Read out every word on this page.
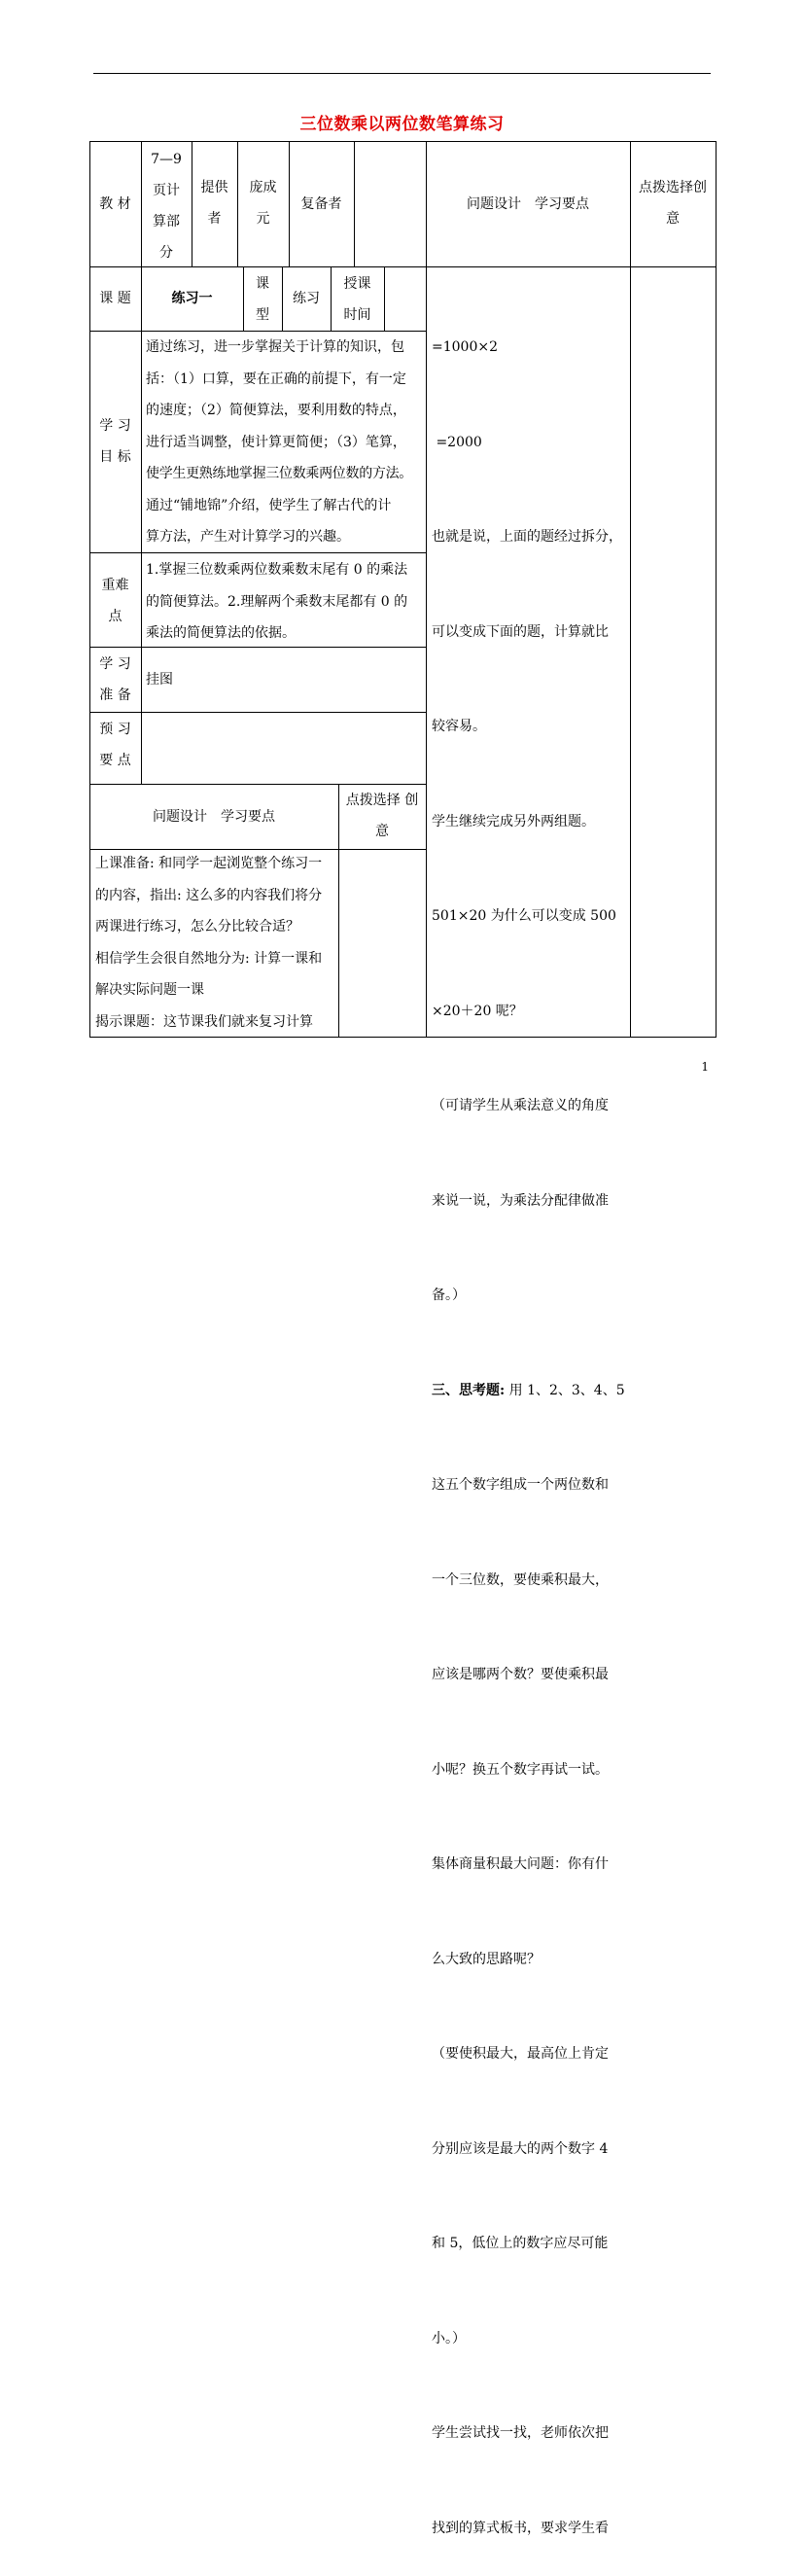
三位数乘以两位数笔算练习
教 材
7—9
页计
算部
分
提供
者
庞成
元
复备者	问题设计　学习要点
点拨选择创
意
课 题	练习一
课
型
练习
授课
时间
学 习
目 标
通过练习，进一步掌握关于计算的知识，包
括：（1）口算，要在正确的前提下，有一定
的速度；（2）简便算法，要利用数的特点，
进行适当调整，使计算更简便；（3）笔算，
使学生更熟练地掌握三位数乘两位数的方法。
通过“铺地锦”介绍，使学生了解古代的计
算方法，产生对计算学习的兴趣。
重难
点
1.掌握三位数乘两位数乘数末尾有 0 的乘法
的简便算法。2.理解两个乘数末尾都有 0 的
乘法的简便算法的依据。
学 习
准 备
挂图
预 习
要 点
问题设计　学习要点
点拨选择 创
意
上课准备: 和同学一起浏览整个练习一
的内容，指出: 这么多的内容我们将分
两课进行练习，怎么分比较合适？
相信学生会很自然地分为: 计算一课和
解决实际问题一课
揭示课题：这节课我们就来复习计算

=1000×2

=2000

也就是说，上面的题经过拆分，

可以变成下面的题，计算就比

较容易。

学生继续完成另外两组题。

501×20 为什么可以变成 500

×20＋20 呢？

（可请学生从乘法意义的角度

来说一说，为乘法分配律做准

备。）

三、思考题: 用 1、2、3、4、5

这五个数字组成一个两位数和

一个三位数，要使乘积最大，

应该是哪两个数？要使乘积最

小呢？换五个数字再试一试。

集体商量积最大问题：你有什

么大致的思路呢？

（要使积最大，最高位上肯定

分别应该是最大的两个数字 4

和 5，低位上的数字应尽可能

小。）

学生尝试找一找，老师依次把

找到的算式板书，要求学生看

1
